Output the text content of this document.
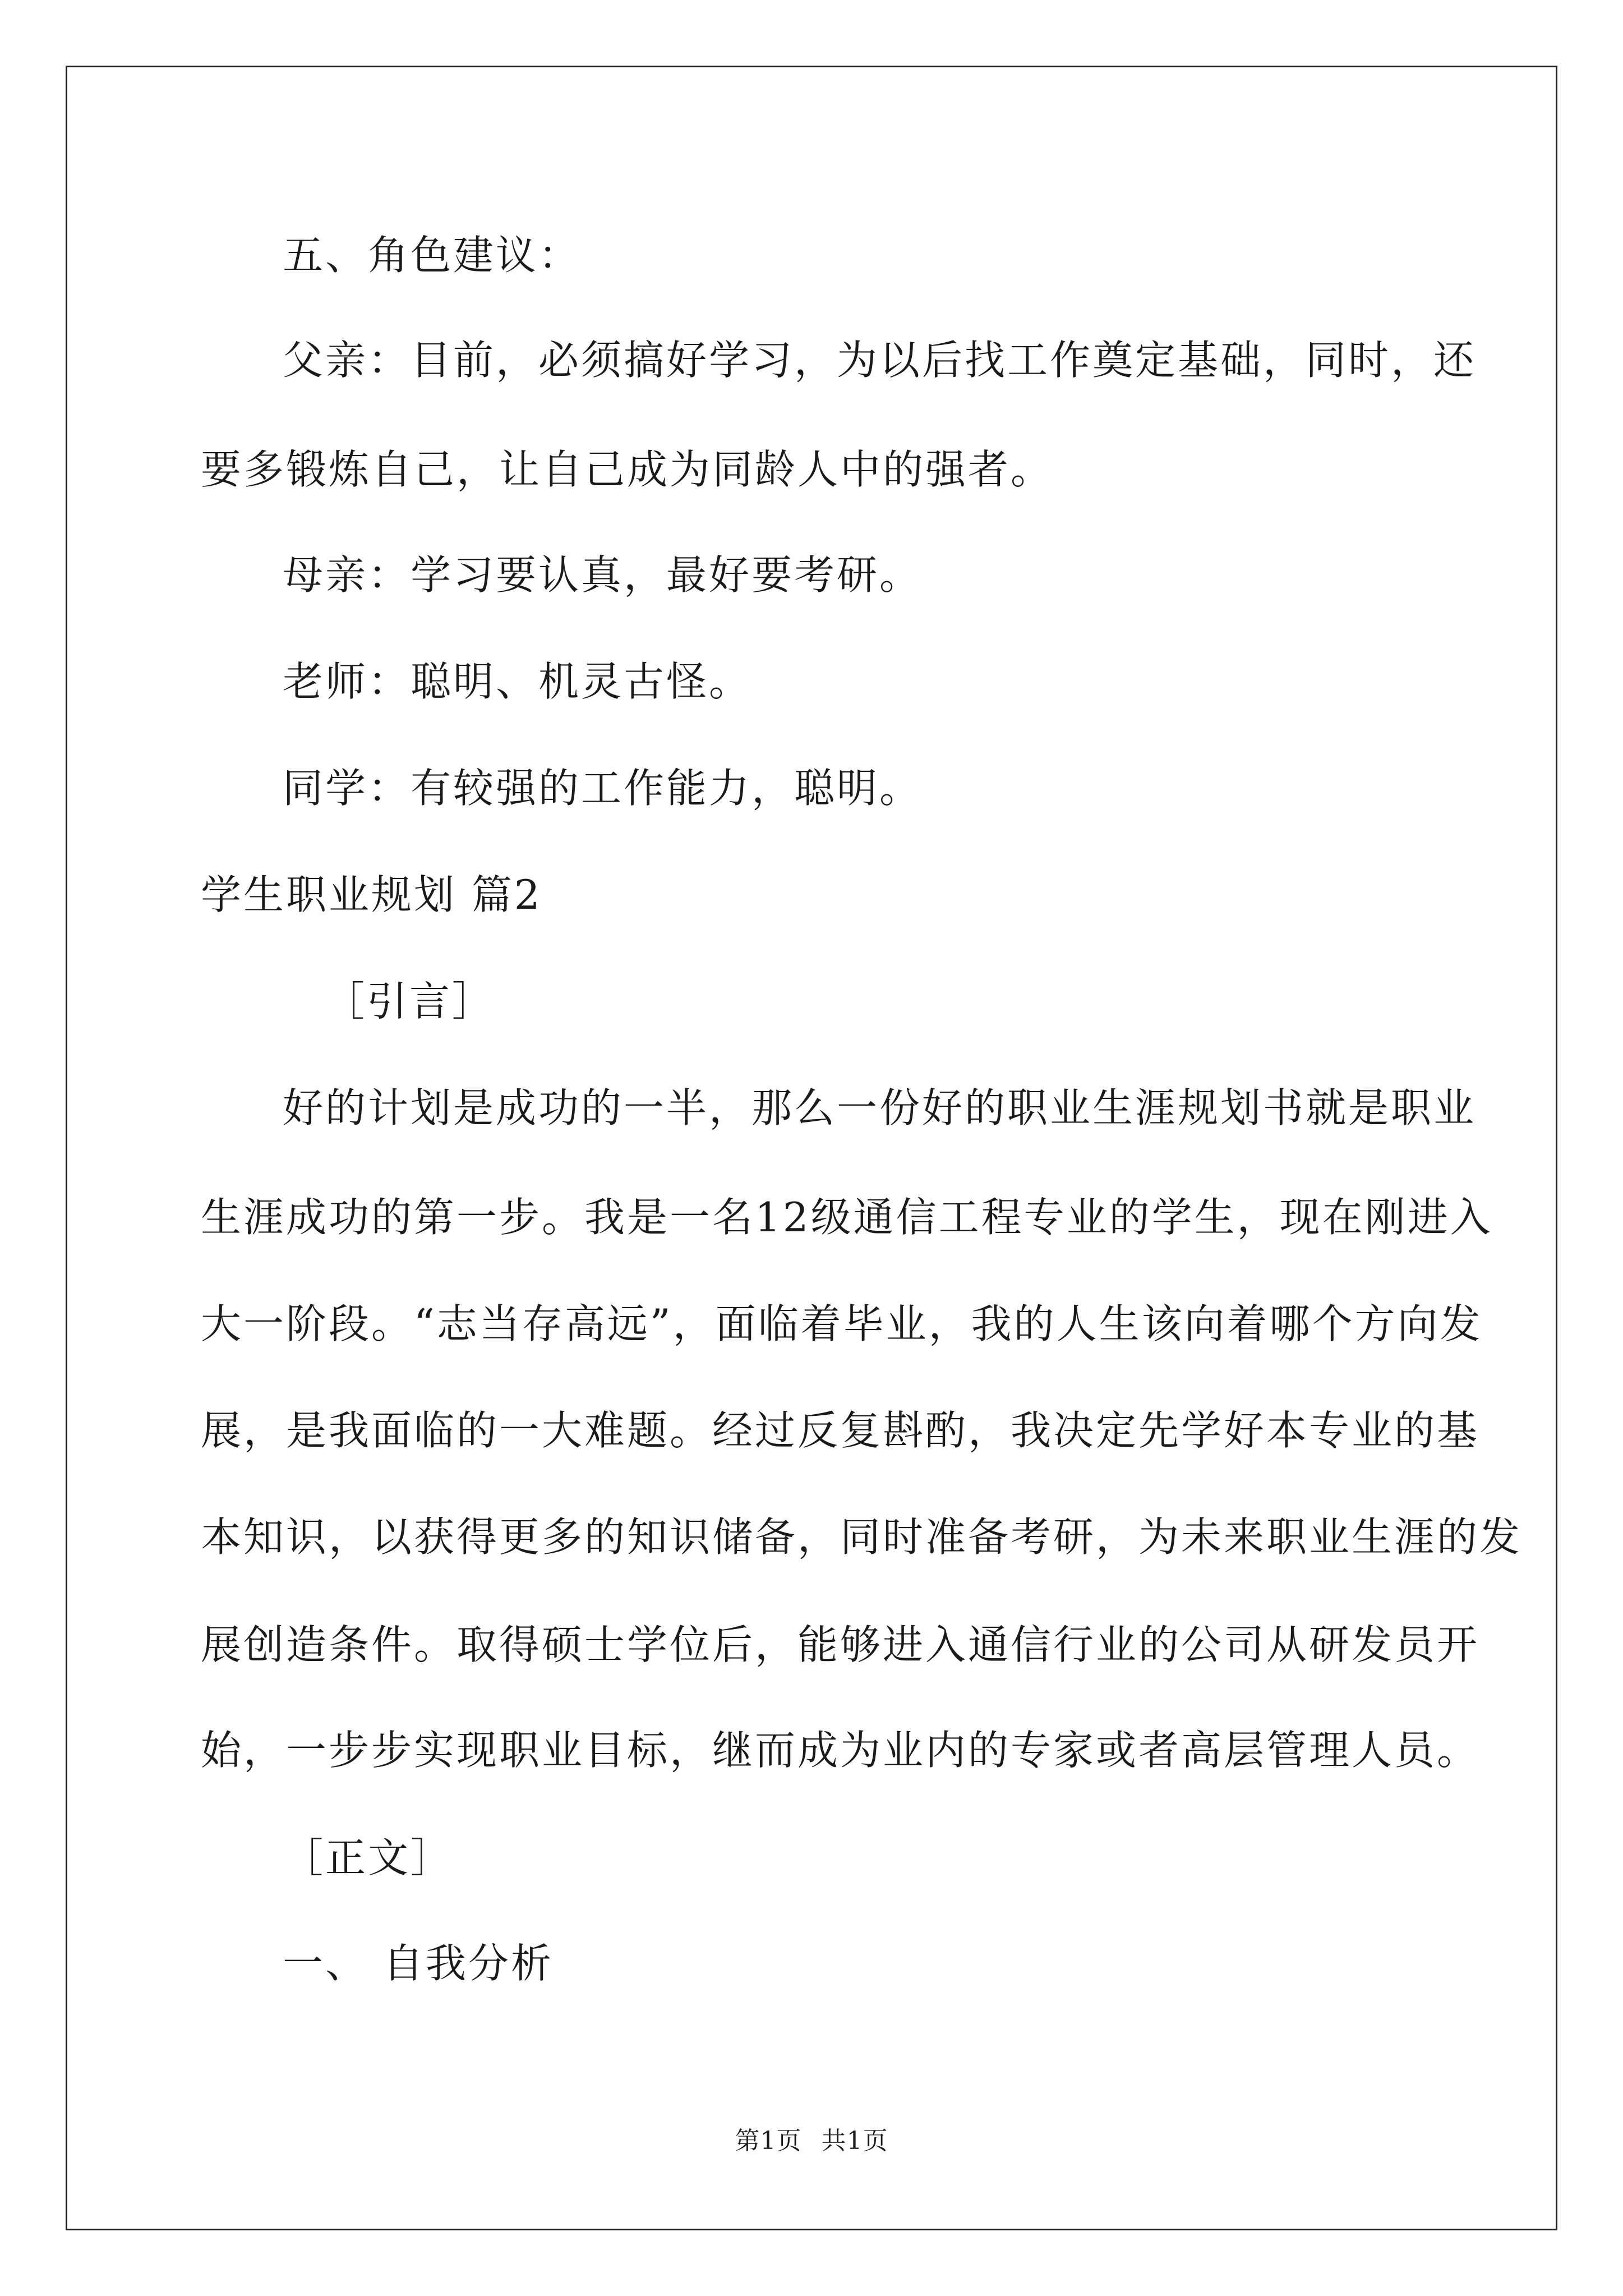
五、角色建议：
父亲：目前，必须搞好学习，为以后找工作奠定基础，同时，还
要多锻炼自己，让自己成为同龄人中的强者。
母亲：学习要认真，最好要考研。
老师：聪明、机灵古怪。
同学：有较强的工作能力，聪明。
学生职业规划 篇2
［引言］
好的计划是成功的一半，那么一份好的职业生涯规划书就是职业
生涯成功的第一步。我是一名12级通信工程专业的学生，现在刚进入
大一阶段。“志当存高远”，面临着毕业，我的人生该向着哪个方向发
展，是我面临的一大难题。经过反复斟酌，我决定先学好本专业的基
本知识，以获得更多的知识储备，同时准备考研，为未来职业生涯的发
展创造条件。取得硕士学位后，能够进入通信行业的公司从研发员开
始，一步步实现职业目标，继而成为业内的专家或者高层管理人员。
［正文］
一、 自我分析
第1页 共1页
